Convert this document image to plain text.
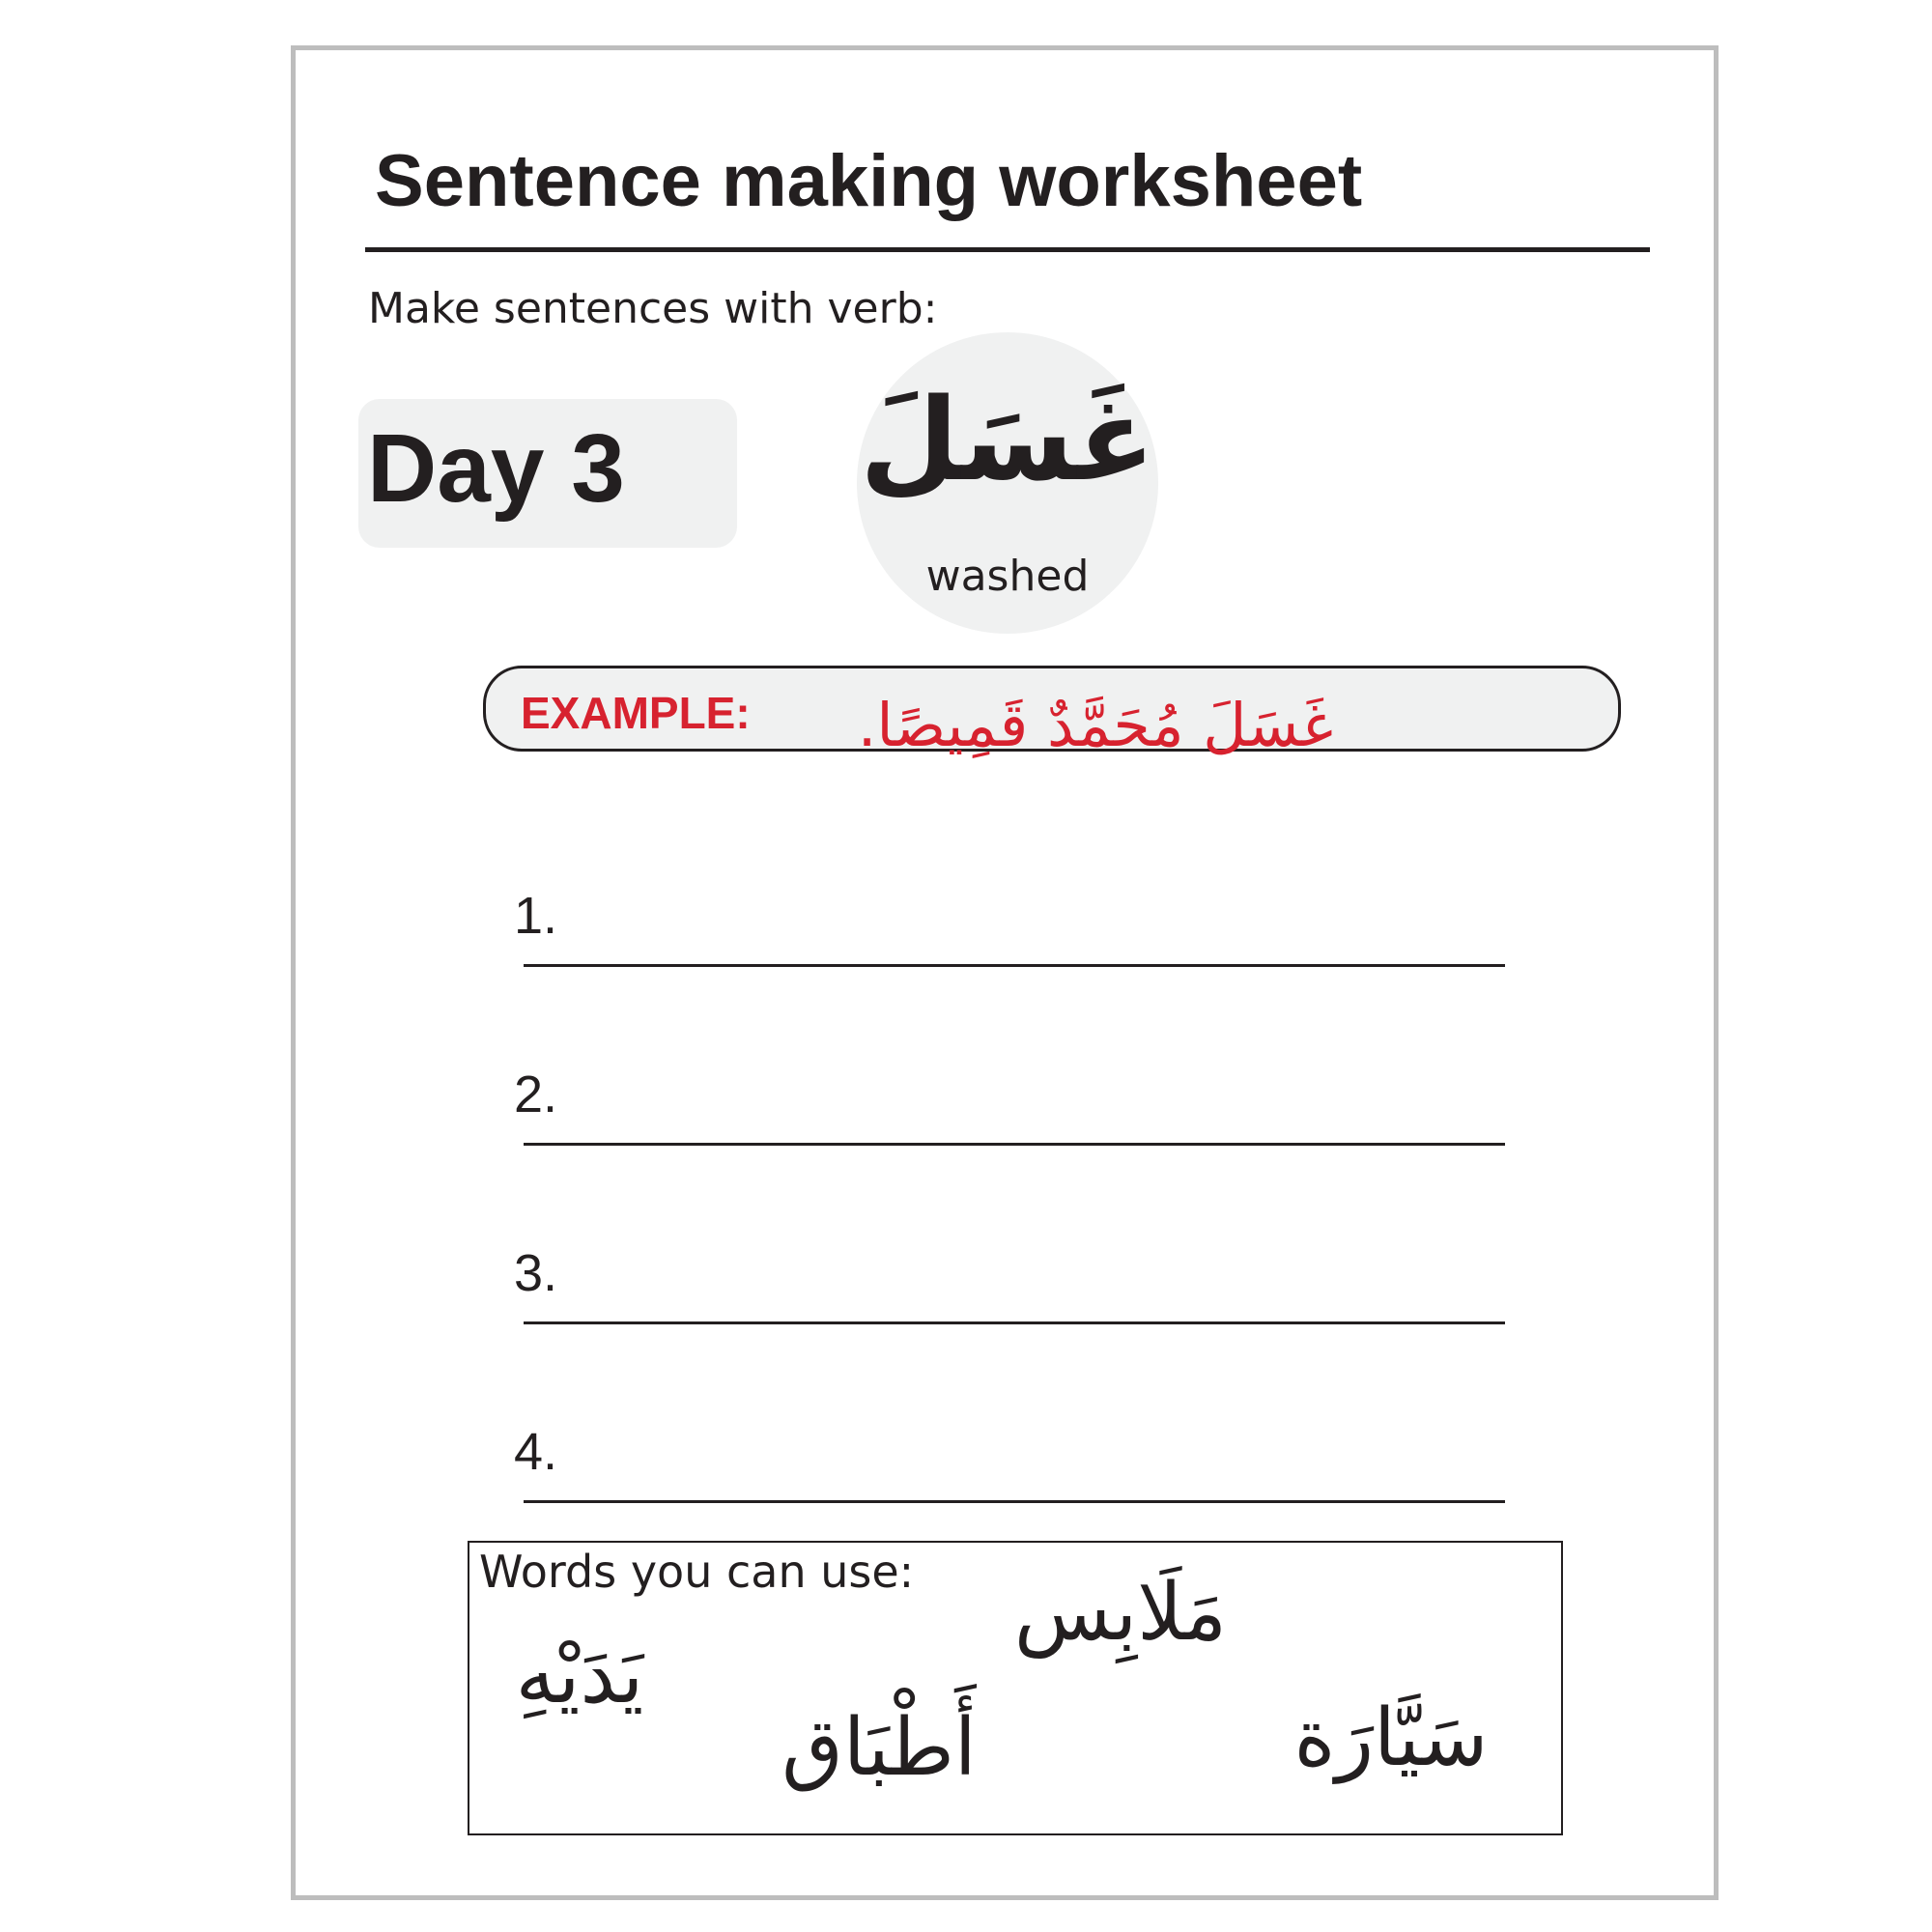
Sentence making worksheet
Make sentences with verb:
Day 3 غَسَلَ
washed
EXAMPLE:	غَسَلَ مُحَمَّدٌ قَمِيصًا.
1.
2.
3.
4.
Words you can use: مَلَابِس
يَدَيْهِ
أَطْبَاق	سَيَّارَة
